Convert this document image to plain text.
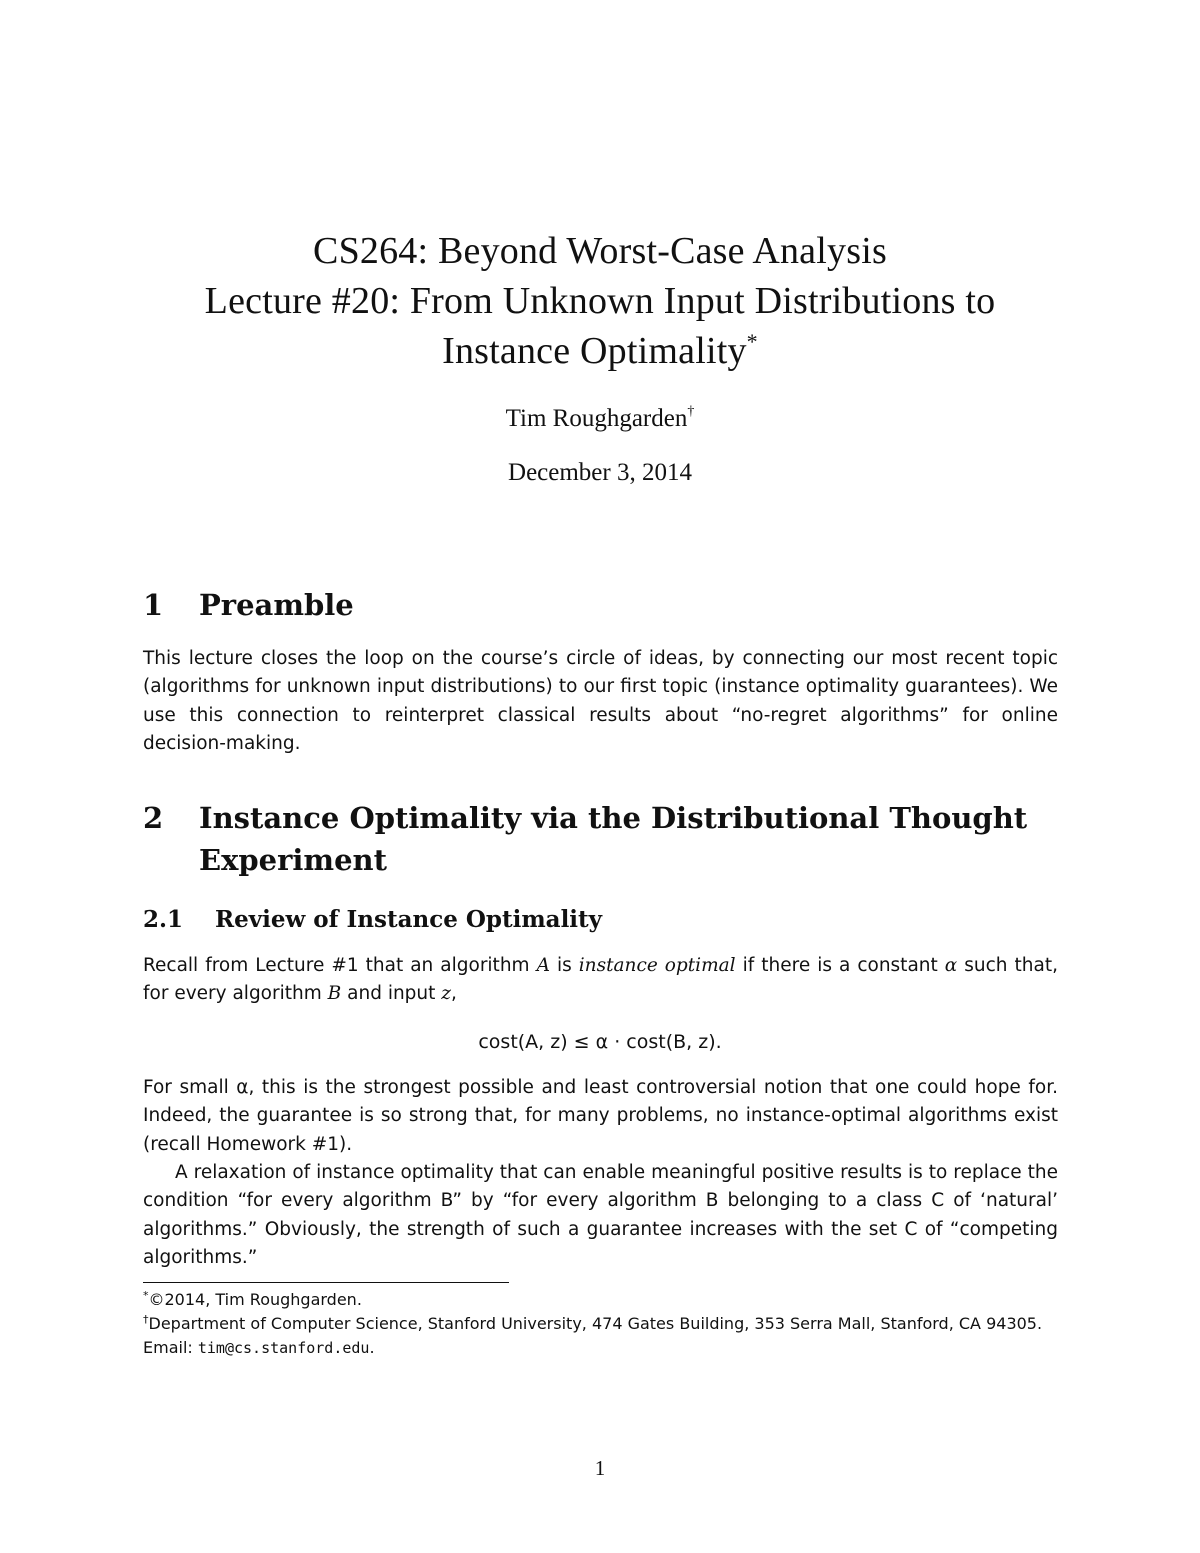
CS264: Beyond Worst-Case Analysis
Lecture #20: From Unknown Input Distributions to
Instance Optimality*
Tim Roughgarden†
December 3, 2014
1 Preamble
This lecture closes the loop on the course’s circle of ideas, by connecting our most recent topic (algorithms for unknown input distributions) to our first topic (instance optimality guarantees). We use this connection to reinterpret classical results about “no-regret algorithms” for online decision-making.
2 Instance Optimality via the Distributional Thought
Experiment
2.1 Review of Instance Optimality
Recall from Lecture #1 that an algorithm A is instance optimal if there is a constant α such that, for every algorithm B and input z,
cost(A, z) ≤ α · cost(B, z).
For small α, this is the strongest possible and least controversial notion that one could hope for. Indeed, the guarantee is so strong that, for many problems, no instance-optimal algorithms exist (recall Homework #1).
A relaxation of instance optimality that can enable meaningful positive results is to replace the condition “for every algorithm B” by “for every algorithm B belonging to a class C of ‘natural’ algorithms.” Obviously, the strength of such a guarantee increases with the set C of “competing algorithms.”
*©2014, Tim Roughgarden.
†Department of Computer Science, Stanford University, 474 Gates Building, 353 Serra Mall, Stanford, CA 94305. Email: tim@cs.stanford.edu.
1
